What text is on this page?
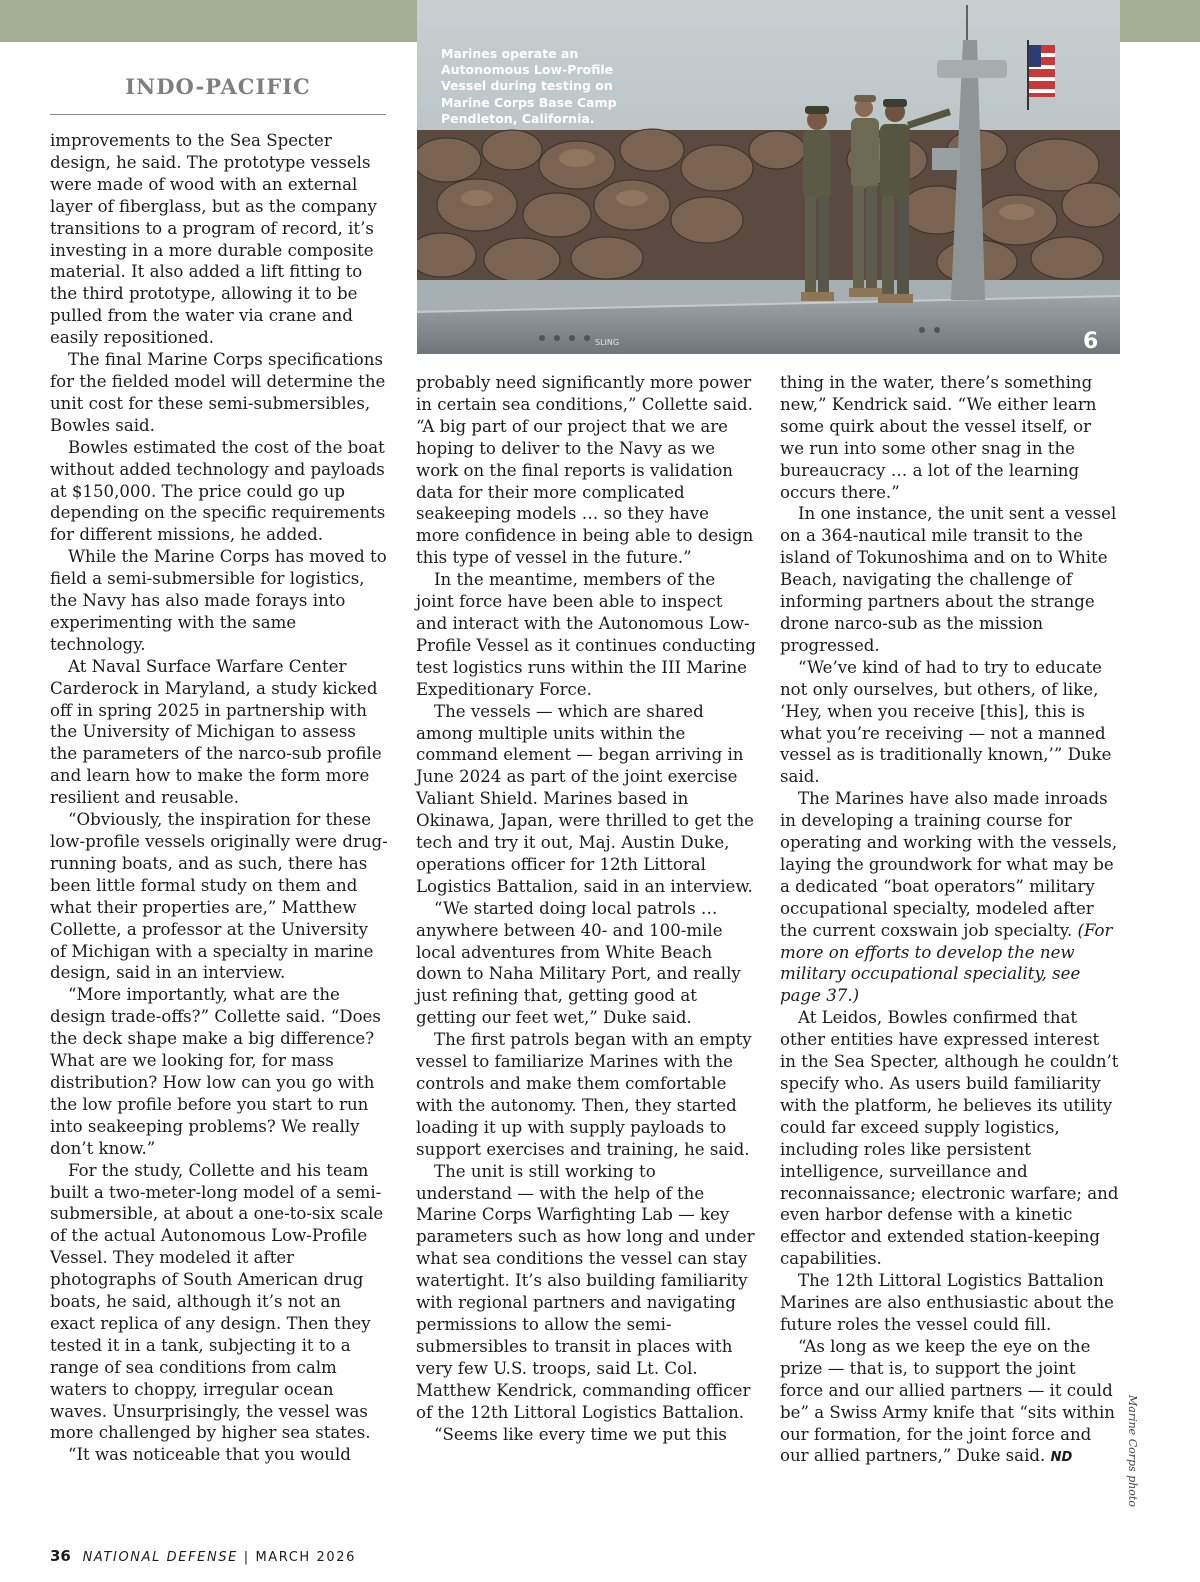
INDO-PACIFIC
SLING	6
Marines operate an Autonomous Low-Profile Vessel during testing on Marine Corps Base Camp Pendleton, California.

improvements to the Sea Specter design, he said. The prototype vessels were made of wood with an external layer of fiberglass, but as the company transitions to a program of record, it’s investing in a more durable composite material. It also added a lift fitting to the third prototype, allowing it to be pulled from the water via crane and easily repositioned.

The final Marine Corps specifications for the fielded model will determine the unit cost for these semi-submersibles, Bowles said.

Bowles estimated the cost of the boat without added technology and payloads at $150,000. The price could go up depending on the specific requirements for different missions, he added.

While the Marine Corps has moved to field a semi-submersible for logistics, the Navy has also made forays into experimenting with the same technology.

At Naval Surface Warfare Center Carderock in Maryland, a study kicked off in spring 2025 in partnership with the University of Michigan to assess the parameters of the narco-sub profile and learn how to make the form more resilient and reusable.

“Obviously, the inspiration for these low-profile vessels originally were drug-running boats, and as such, there has been little formal study on them and what their properties are,” Matthew Collette, a professor at the University of Michigan with a specialty in marine design, said in an interview.

“More importantly, what are the design trade-offs?” Collette said. “Does the deck shape make a big difference? What are we looking for, for mass distribution? How low can you go with the low profile before you start to run into seakeeping problems? We really don’t know.”

For the study, Collette and his team built a two-meter-long model of a semi-submersible, at about a one-to-six scale of the actual Autonomous Low-Profile Vessel. They modeled it after photographs of South American drug boats, he said, although it’s not an exact replica of any design. Then they tested it in a tank, subjecting it to a range of sea conditions from calm waters to choppy, irregular ocean waves. Unsurprisingly, the vessel was more challenged by higher sea states.

“It was noticeable that you would

probably need significantly more power in certain sea conditions,” Collette said. “A big part of our project that we are hoping to deliver to the Navy as we work on the final reports is validation data for their more complicated seakeeping models … so they have more confidence in being able to design this type of vessel in the future.”

In the meantime, members of the joint force have been able to inspect and interact with the Autonomous Low-Profile Vessel as it continues conducting test logistics runs within the III Marine Expeditionary Force.

The vessels — which are shared among multiple units within the command element — began arriving in June 2024 as part of the joint exercise Valiant Shield. Marines based in Okinawa, Japan, were thrilled to get the tech and try it out, Maj. Austin Duke, operations officer for 12th Littoral Logistics Battalion, said in an interview.

“We started doing local patrols … anywhere between 40- and 100-mile local adventures from White Beach down to Naha Military Port, and really just refining that, getting good at getting our feet wet,” Duke said.

The first patrols began with an empty vessel to familiarize Marines with the controls and make them comfortable with the autonomy. Then, they started loading it up with supply payloads to support exercises and training, he said.

The unit is still working to understand — with the help of the Marine Corps Warfighting Lab — key parameters such as how long and under what sea conditions the vessel can stay watertight. It’s also building familiarity with regional partners and navigating permissions to allow the semi-submersibles to transit in places with very few U.S. troops, said Lt. Col. Matthew Kendrick, commanding officer of the 12th Littoral Logistics Battalion.

“Seems like every time we put this

thing in the water, there’s something new,” Kendrick said. “We either learn some quirk about the vessel itself, or we run into some other snag in the bureaucracy … a lot of the learning occurs there.”

In one instance, the unit sent a vessel on a 364-nautical mile transit to the island of Tokunoshima and on to White Beach, navigating the challenge of informing partners about the strange drone narco-sub as the mission progressed.

“We’ve kind of had to try to educate not only ourselves, but others, of like, ‘Hey, when you receive [this], this is what you’re receiving — not a manned vessel as is traditionally known,’” Duke said.

The Marines have also made inroads in developing a training course for operating and working with the vessels, laying the groundwork for what may be a dedicated “boat operators” military occupational specialty, modeled after the current coxswain job specialty. (For more on efforts to develop the new military occupational speciality, see page 37.)

At Leidos, Bowles confirmed that other entities have expressed interest in the Sea Specter, although he couldn’t specify who. As users build familiarity with the platform, he believes its utility could far exceed supply logistics, including roles like persistent intelligence, surveillance and reconnaissance; electronic warfare; and even harbor defense with a kinetic effector and extended station-keeping capabilities.

The 12th Littoral Logistics Battalion Marines are also enthusiastic about the future roles the vessel could fill.

“As long as we keep the eye on the prize — that is, to support the joint force and our allied partners — it could be” a Swiss Army knife that “sits within our formation, for the joint force and our allied partners,” Duke said. ND	Marine Corps photo
36 NATIONAL DEFENSE | MARCH 2026
